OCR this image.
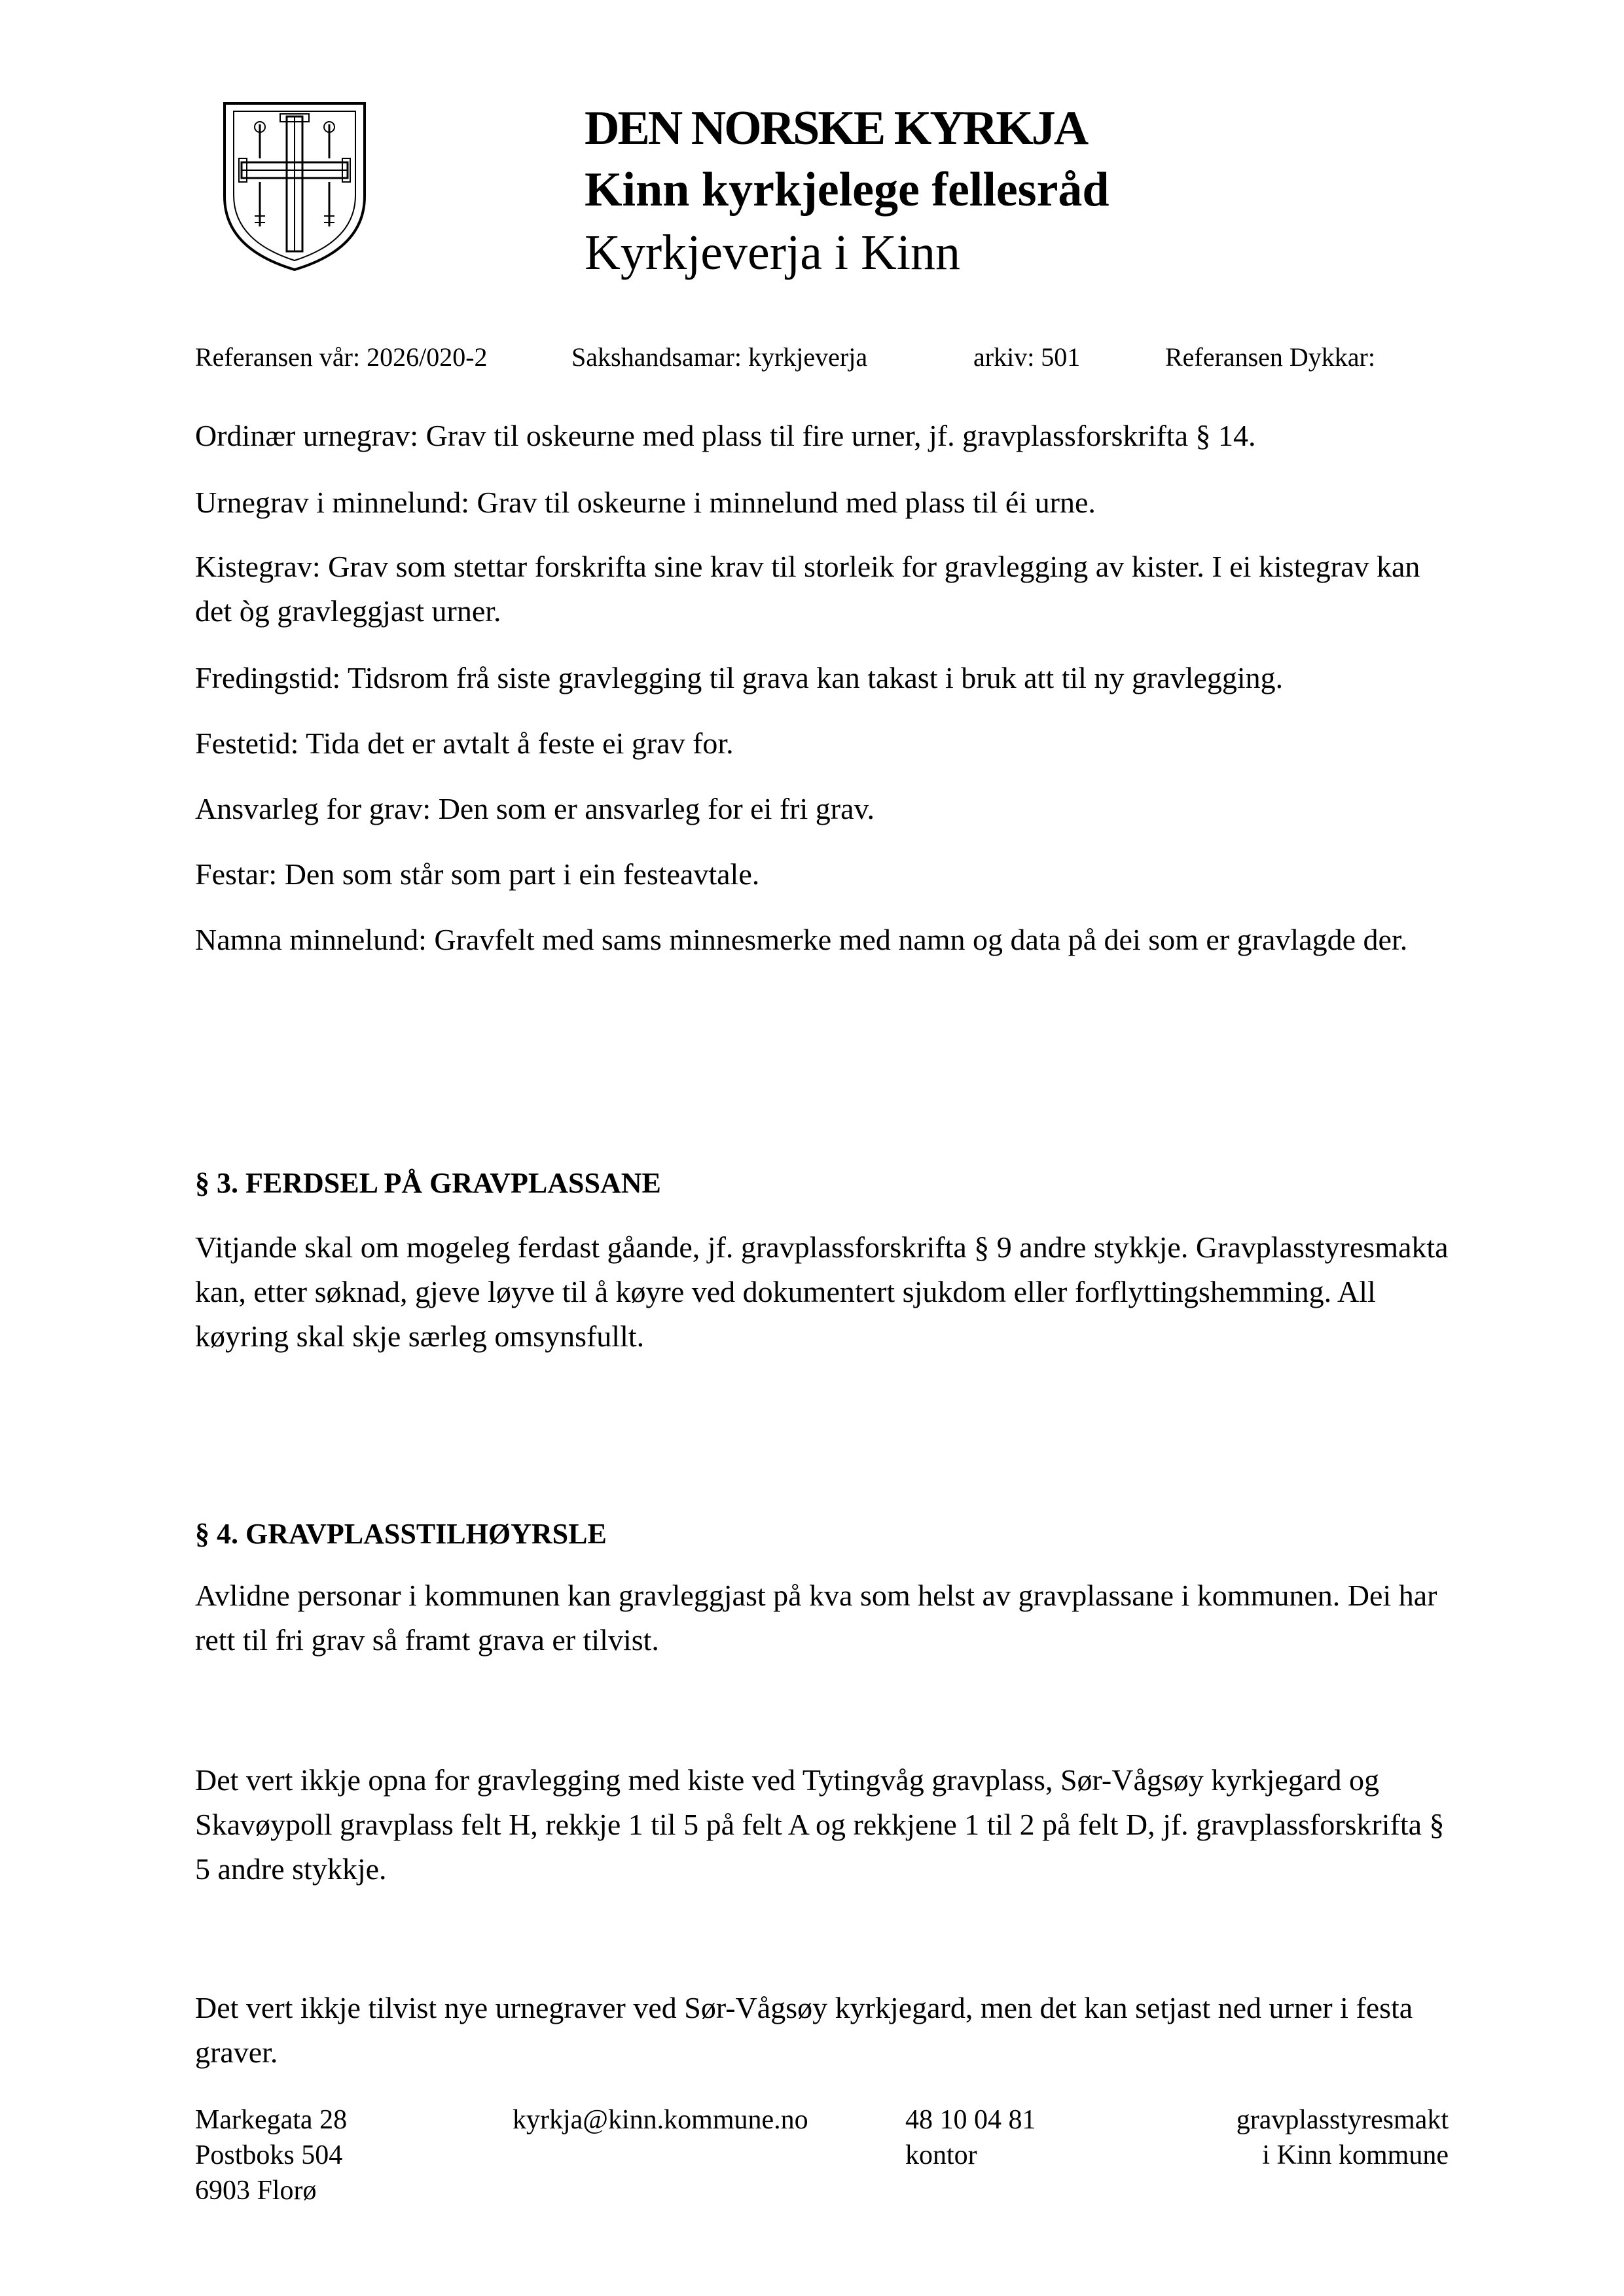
DEN NORSKE KYRKJA
Kinn kyrkjelege fellesråd
Kyrkjeverja i Kinn
Referansen vår: 2026/020-2	Sakshandsamar: kyrkjeverja	arkiv: 501	Referansen Dykkar:
Ordinær urnegrav: Grav til oskeurne med plass til fire urner, jf. gravplassforskrifta § 14.
Urnegrav i minnelund: Grav til oskeurne i minnelund med plass til éi urne.
Kistegrav: Grav som stettar forskrifta sine krav til storleik for gravlegging av kister. I ei kistegrav kan det òg gravleggjast urner.
Fredingstid: Tidsrom frå siste gravlegging til grava kan takast i bruk att til ny gravlegging.
Festetid: Tida det er avtalt å feste ei grav for.
Ansvarleg for grav: Den som er ansvarleg for ei fri grav.
Festar: Den som står som part i ein festeavtale.
Namna minnelund: Gravfelt med sams minnesmerke med namn og data på dei som er gravlagde der.
§ 3. FERDSEL PÅ GRAVPLASSANE
Vitjande skal om mogeleg ferdast gåande, jf. gravplassforskrifta § 9 andre stykkje. Gravplasstyresmakta kan, etter søknad, gjeve løyve til å køyre ved dokumentert sjukdom eller forflyttingshemming. All køyring skal skje særleg omsynsfullt.
§ 4. GRAVPLASSTILHØYRSLE
Avlidne personar i kommunen kan gravleggjast på kva som helst av gravplassane i kommunen. Dei har rett til fri grav så framt grava er tilvist.
Det vert ikkje opna for gravlegging med kiste ved Tytingvåg gravplass, Sør-Vågsøy kyrkjegard og Skavøypoll gravplass felt H, rekkje 1 til 5 på felt A og rekkjene 1 til 2 på felt D, jf. gravplassforskrifta § 5 andre stykkje.
Det vert ikkje tilvist nye urnegraver ved Sør-Vågsøy kyrkjegard, men det kan setjast ned urner i festa graver.
Markegata 28
Postboks 504
6903 Florø
kyrkja@kinn.kommune.no	48 10 04 81
kontor
gravplasstyresmakt
i Kinn kommune
